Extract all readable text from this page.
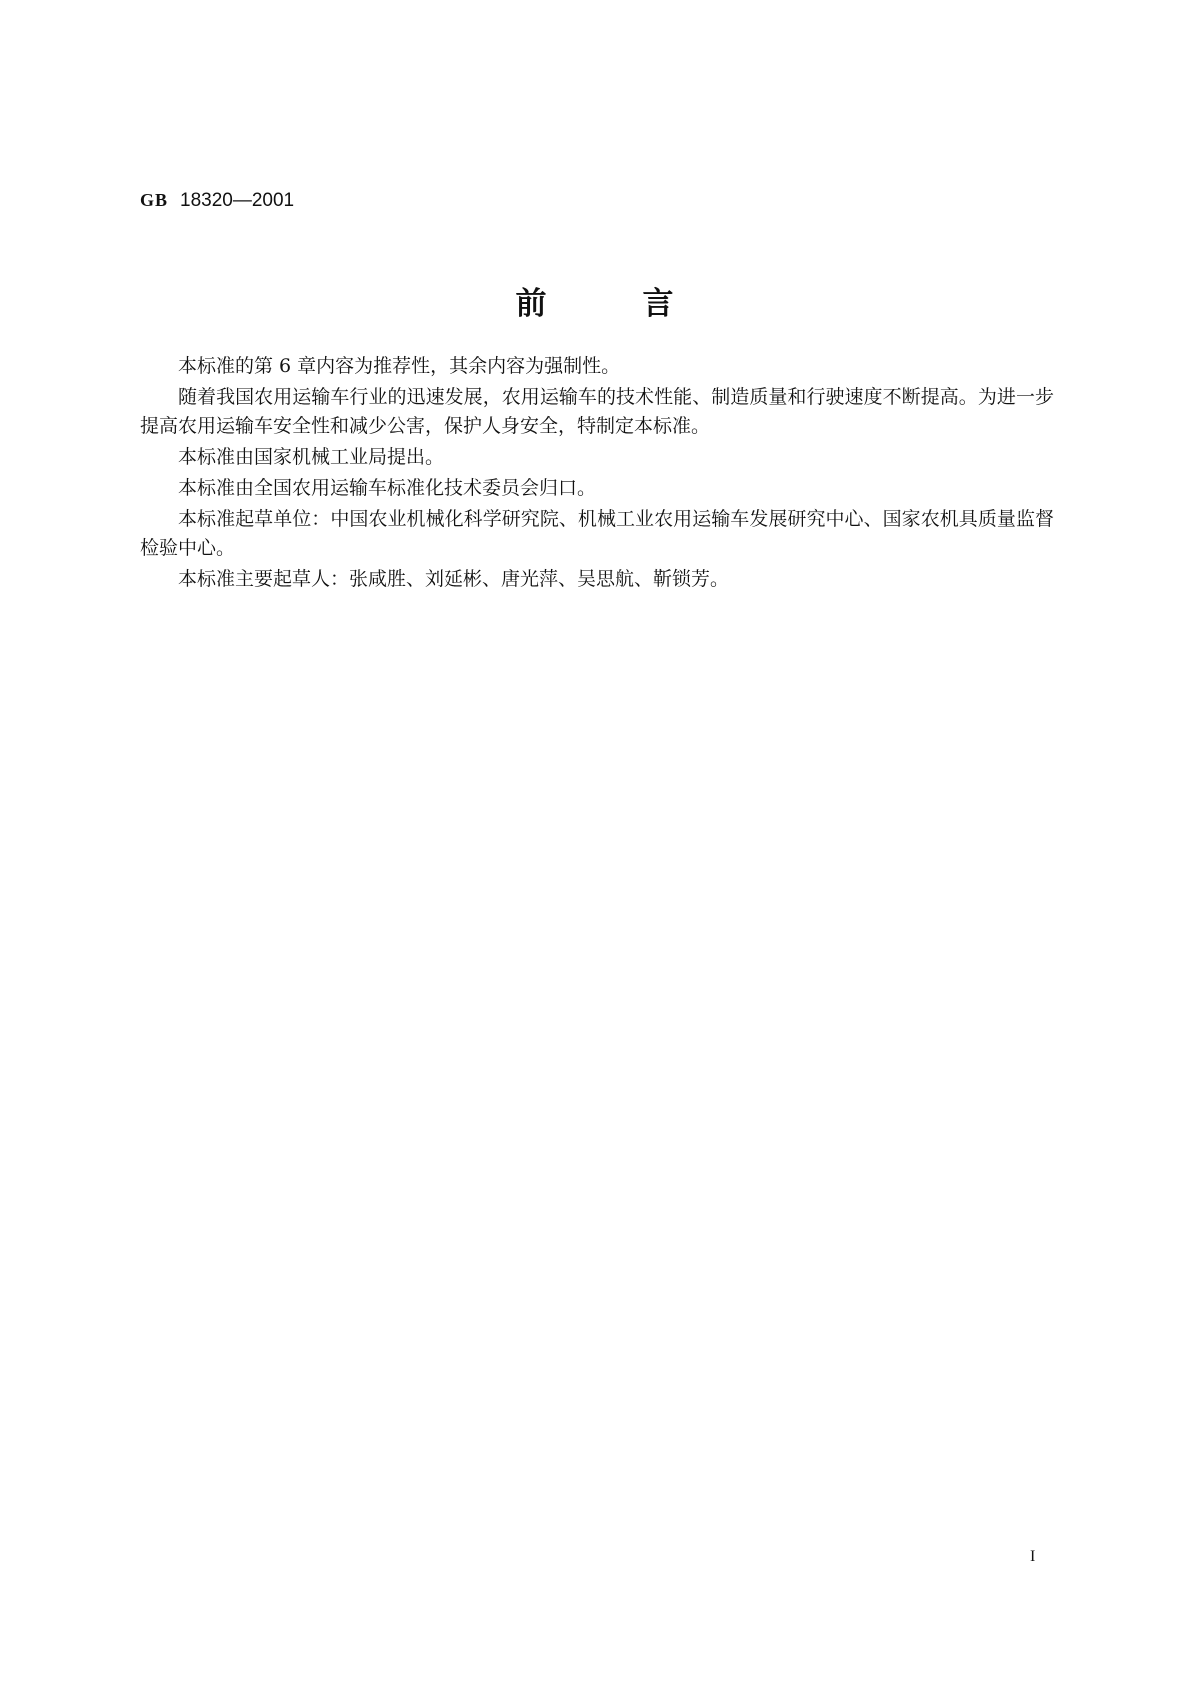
GB 18320—2001
前	言

本标准的第 6 章内容为推荐性，其余内容为强制性。

随着我国农用运输车行业的迅速发展，农用运输车的技术性能、制造质量和行驶速度不断提高。为进一步提高农用运输车安全性和减少公害，保护人身安全，特制定本标准。

本标准由国家机械工业局提出。

本标准由全国农用运输车标准化技术委员会归口。

本标准起草单位：中国农业机械化科学研究院、机械工业农用运输车发展研究中心、国家农机具质量监督检验中心。

本标准主要起草人：张咸胜、刘延彬、唐光萍、吴思航、靳锁芳。

I
